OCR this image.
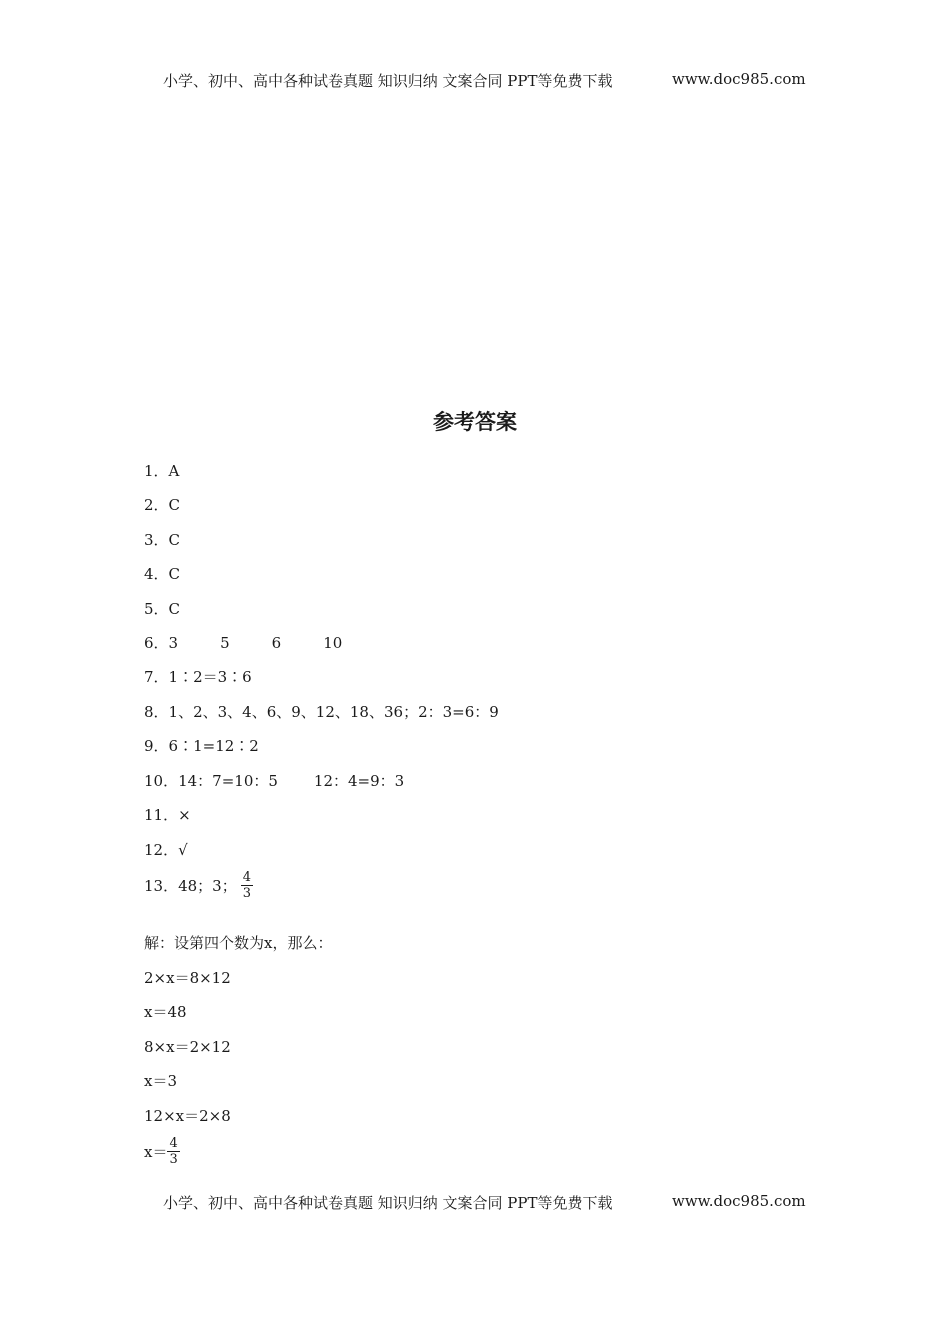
小学、初中、高中各种试卷真题 知识归纳 文案合同 PPT等免费下载	www.doc985.com
参考答案
1．A
2．C
3．C
4．C
5．C
6．3	5	6	10
7．1∶2＝3∶6
8．1、2、3、4、6、9、12、18、36；2：3=6：9
9．6∶1=12∶2
10．14：7=10：5 12：4=9：3
11．×
12．√
13．48；3； $\frac{4}{3}$
解：设第四个数为x，那么：
2×x＝8×12
x＝48
8×x＝2×12
x＝3
12×x＝2×8
$x= \frac{4}{3}$
小学、初中、高中各种试卷真题 知识归纳 文案合同 PPT等免费下载	www.doc985.com
